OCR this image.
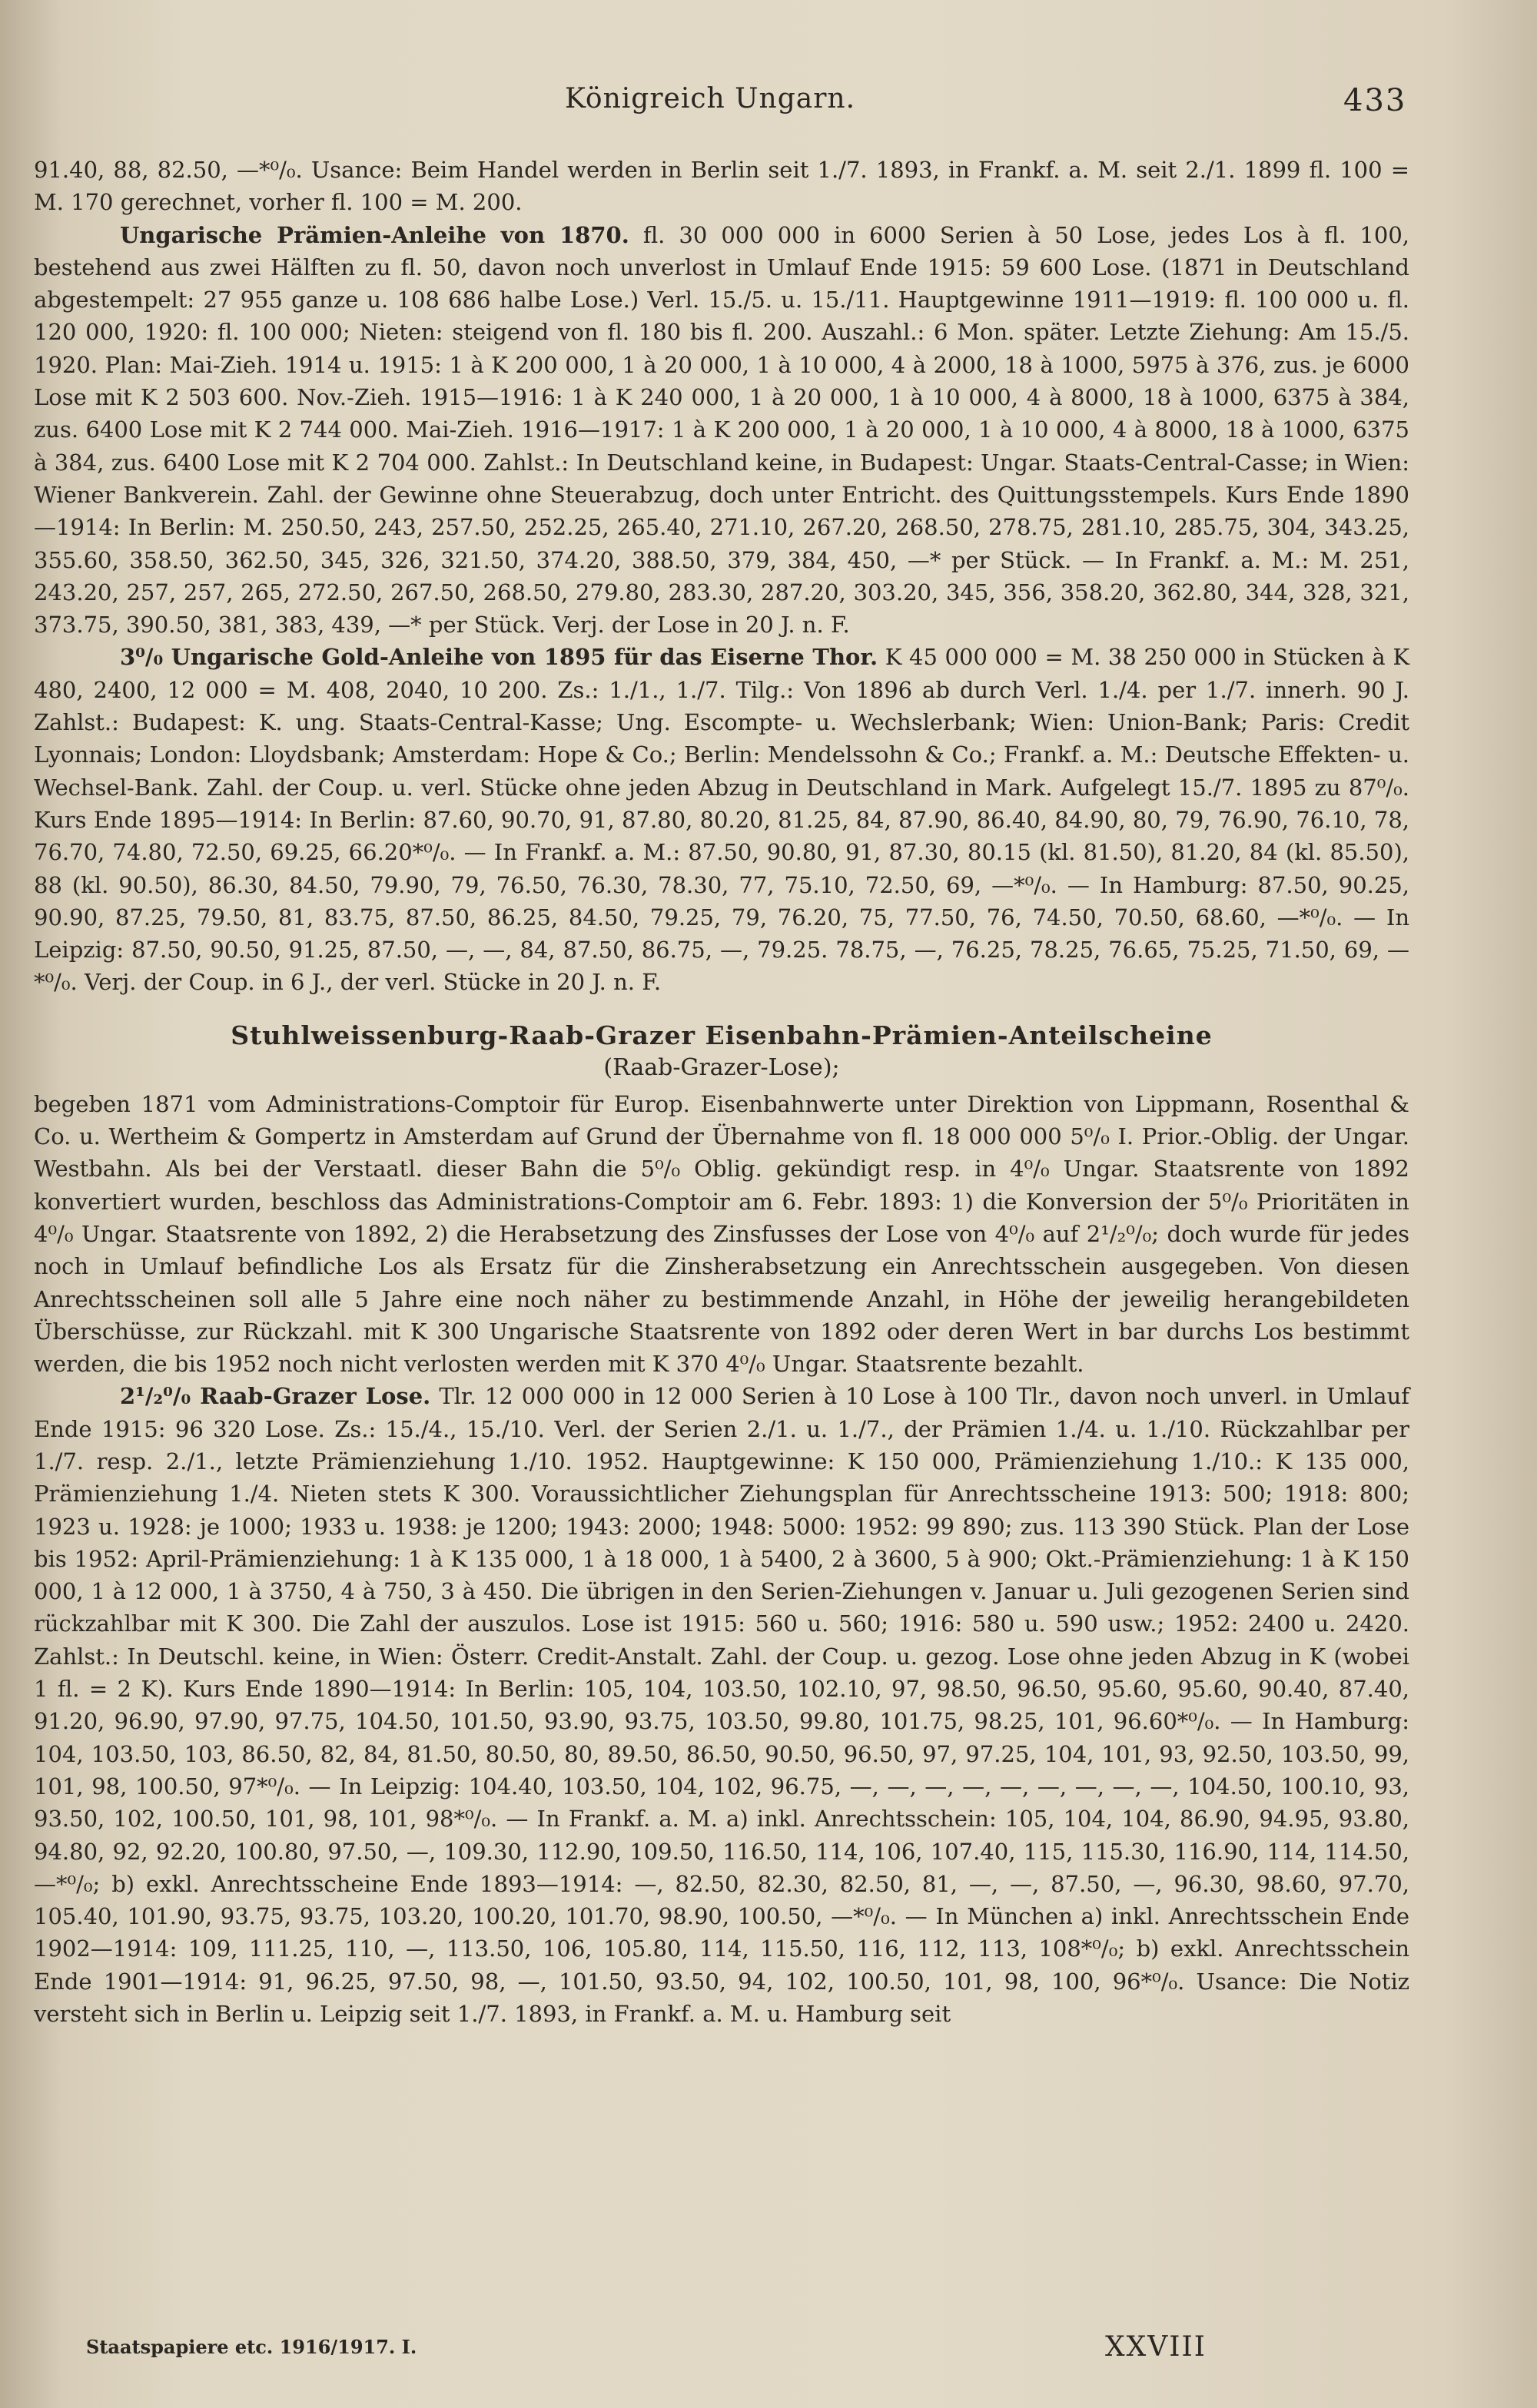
Königreich Ungarn.	433

91.40, 88, 82.50, —*⁰/₀. Usance: Beim Handel werden in Berlin seit 1./7. 1893, in Frankf. a. M. seit 2./1. 1899 fl. 100 = M. 170 gerechnet, vorher fl. 100 = M. 200.

Ungarische Prämien-Anleihe von 1870. fl. 30 000 000 in 6000 Serien à 50 Lose, jedes Los à fl. 100, bestehend aus zwei Hälften zu fl. 50, davon noch unverlost in Umlauf Ende 1915: 59 600 Lose. (1871 in Deutschland abgestempelt: 27 955 ganze u. 108 686 halbe Lose.) Verl. 15./5. u. 15./11. Hauptgewinne 1911—1919: fl. 100 000 u. fl. 120 000, 1920: fl. 100 000; Nieten: steigend von fl. 180 bis fl. 200. Auszahl.: 6 Mon. später. Letzte Ziehung: Am 15./5. 1920. Plan: Mai-Zieh. 1914 u. 1915: 1 à K 200 000, 1 à 20 000, 1 à 10 000, 4 à 2000, 18 à 1000, 5975 à 376, zus. je 6000 Lose mit K 2 503 600. Nov.-Zieh. 1915—1916: 1 à K 240 000, 1 à 20 000, 1 à 10 000, 4 à 8000, 18 à 1000, 6375 à 384, zus. 6400 Lose mit K 2 744 000. Mai-Zieh. 1916—1917: 1 à K 200 000, 1 à 20 000, 1 à 10 000, 4 à 8000, 18 à 1000, 6375 à 384, zus. 6400 Lose mit K 2 704 000. Zahlst.: In Deutschland keine, in Budapest: Ungar. Staats-Central-Casse; in Wien: Wiener Bankverein. Zahl. der Gewinne ohne Steuerabzug, doch unter Entricht. des Quittungsstempels. Kurs Ende 1890—1914: In Berlin: M. 250.50, 243, 257.50, 252.25, 265.40, 271.10, 267.20, 268.50, 278.75, 281.10, 285.75, 304, 343.25, 355.60, 358.50, 362.50, 345, 326, 321.50, 374.20, 388.50, 379, 384, 450, —* per Stück. — In Frankf. a. M.: M. 251, 243.20, 257, 257, 265, 272.50, 267.50, 268.50, 279.80, 283.30, 287.20, 303.20, 345, 356, 358.20, 362.80, 344, 328, 321, 373.75, 390.50, 381, 383, 439, —* per Stück. Verj. der Lose in 20 J. n. F.

3⁰/₀ Ungarische Gold-Anleihe von 1895 für das Eiserne Thor. K 45 000 000 = M. 38 250 000 in Stücken à K 480, 2400, 12 000 = M. 408, 2040, 10 200. Zs.: 1./1., 1./7. Tilg.: Von 1896 ab durch Verl. 1./4. per 1./7. innerh. 90 J. Zahlst.: Budapest: K. ung. Staats-Central-Kasse; Ung. Escompte- u. Wechslerbank; Wien: Union-Bank; Paris: Credit Lyonnais; London: Lloydsbank; Amsterdam: Hope & Co.; Berlin: Mendelssohn & Co.; Frankf. a. M.: Deutsche Effekten- u. Wechsel-Bank. Zahl. der Coup. u. verl. Stücke ohne jeden Abzug in Deutschland in Mark. Aufgelegt 15./7. 1895 zu 87⁰/₀. Kurs Ende 1895—1914: In Berlin: 87.60, 90.70, 91, 87.80, 80.20, 81.25, 84, 87.90, 86.40, 84.90, 80, 79, 76.90, 76.10, 78, 76.70, 74.80, 72.50, 69.25, 66.20*⁰/₀. — In Frankf. a. M.: 87.50, 90.80, 91, 87.30, 80.15 (kl. 81.50), 81.20, 84 (kl. 85.50), 88 (kl. 90.50), 86.30, 84.50, 79.90, 79, 76.50, 76.30, 78.30, 77, 75.10, 72.50, 69, —*⁰/₀. — In Hamburg: 87.50, 90.25, 90.90, 87.25, 79.50, 81, 83.75, 87.50, 86.25, 84.50, 79.25, 79, 76.20, 75, 77.50, 76, 74.50, 70.50, 68.60, —*⁰/₀. — In Leipzig: 87.50, 90.50, 91.25, 87.50, —, —, 84, 87.50, 86.75, —, 79.25. 78.75, —, 76.25, 78.25, 76.65, 75.25, 71.50, 69, —*⁰/₀. Verj. der Coup. in 6 J., der verl. Stücke in 20 J. n. F.

Stuhlweissenburg-Raab-Grazer Eisenbahn-Prämien-Anteilscheine
(Raab-Grazer-Lose);

begeben 1871 vom Administrations-Comptoir für Europ. Eisenbahnwerte unter Direktion von Lippmann, Rosenthal & Co. u. Wertheim & Gompertz in Amsterdam auf Grund der Übernahme von fl. 18 000 000 5⁰/₀ I. Prior.-Oblig. der Ungar. Westbahn. Als bei der Verstaatl. dieser Bahn die 5⁰/₀ Oblig. gekündigt resp. in 4⁰/₀ Ungar. Staatsrente von 1892 konvertiert wurden, beschloss das Administrations-Comptoir am 6. Febr. 1893: 1) die Konversion der 5⁰/₀ Prioritäten in 4⁰/₀ Ungar. Staatsrente von 1892, 2) die Herabsetzung des Zinsfusses der Lose von 4⁰/₀ auf 2¹/₂⁰/₀; doch wurde für jedes noch in Umlauf befindliche Los als Ersatz für die Zinsherabsetzung ein Anrechtsschein ausgegeben. Von diesen Anrechtsscheinen soll alle 5 Jahre eine noch näher zu bestimmende Anzahl, in Höhe der jeweilig herangebildeten Überschüsse, zur Rückzahl. mit K 300 Ungarische Staatsrente von 1892 oder deren Wert in bar durchs Los bestimmt werden, die bis 1952 noch nicht verlosten werden mit K 370 4⁰/₀ Ungar. Staatsrente bezahlt.

2¹/₂⁰/₀ Raab-Grazer Lose. Tlr. 12 000 000 in 12 000 Serien à 10 Lose à 100 Tlr., davon noch unverl. in Umlauf Ende 1915: 96 320 Lose. Zs.: 15./4., 15./10. Verl. der Serien 2./1. u. 1./7., der Prämien 1./4. u. 1./10. Rückzahlbar per 1./7. resp. 2./1., letzte Prämienziehung 1./10. 1952. Hauptgewinne: K 150 000, Prämienziehung 1./10.: K 135 000, Prämienziehung 1./4. Nieten stets K 300. Voraussichtlicher Ziehungsplan für Anrechtsscheine 1913: 500; 1918: 800; 1923 u. 1928: je 1000; 1933 u. 1938: je 1200; 1943: 2000; 1948: 5000: 1952: 99 890; zus. 113 390 Stück. Plan der Lose bis 1952: April-Prämienziehung: 1 à K 135 000, 1 à 18 000, 1 à 5400, 2 à 3600, 5 à 900; Okt.-Prämienziehung: 1 à K 150 000, 1 à 12 000, 1 à 3750, 4 à 750, 3 à 450. Die übrigen in den Serien-Ziehungen v. Januar u. Juli gezogenen Serien sind rückzahlbar mit K 300. Die Zahl der auszulos. Lose ist 1915: 560 u. 560; 1916: 580 u. 590 usw.; 1952: 2400 u. 2420. Zahlst.: In Deutschl. keine, in Wien: Österr. Credit-Anstalt. Zahl. der Coup. u. gezog. Lose ohne jeden Abzug in K (wobei 1 fl. = 2 K). Kurs Ende 1890—1914: In Berlin: 105, 104, 103.50, 102.10, 97, 98.50, 96.50, 95.60, 95.60, 90.40, 87.40, 91.20, 96.90, 97.90, 97.75, 104.50, 101.50, 93.90, 93.75, 103.50, 99.80, 101.75, 98.25, 101, 96.60*⁰/₀. — In Hamburg: 104, 103.50, 103, 86.50, 82, 84, 81.50, 80.50, 80, 89.50, 86.50, 90.50, 96.50, 97, 97.25, 104, 101, 93, 92.50, 103.50, 99, 101, 98, 100.50, 97*⁰/₀. — In Leipzig: 104.40, 103.50, 104, 102, 96.75, —, —, —, —, —, —, —, —, —, 104.50, 100.10, 93, 93.50, 102, 100.50, 101, 98, 101, 98*⁰/₀. — In Frankf. a. M. a) inkl. Anrechtsschein: 105, 104, 104, 86.90, 94.95, 93.80, 94.80, 92, 92.20, 100.80, 97.50, —, 109.30, 112.90, 109.50, 116.50, 114, 106, 107.40, 115, 115.30, 116.90, 114, 114.50, —*⁰/₀; b) exkl. Anrechtsscheine Ende 1893—1914: —, 82.50, 82.30, 82.50, 81, —, —, 87.50, —, 96.30, 98.60, 97.70, 105.40, 101.90, 93.75, 93.75, 103.20, 100.20, 101.70, 98.90, 100.50, —*⁰/₀. — In München a) inkl. Anrechtsschein Ende 1902—1914: 109, 111.25, 110, —, 113.50, 106, 105.80, 114, 115.50, 116, 112, 113, 108*⁰/₀; b) exkl. Anrechtsschein Ende 1901—1914: 91, 96.25, 97.50, 98, —, 101.50, 93.50, 94, 102, 100.50, 101, 98, 100, 96*⁰/₀. Usance: Die Notiz versteht sich in Berlin u. Leipzig seit 1./7. 1893, in Frankf. a. M. u. Hamburg seit

Staatspapiere etc. 1916/1917. I.	XXVIII
